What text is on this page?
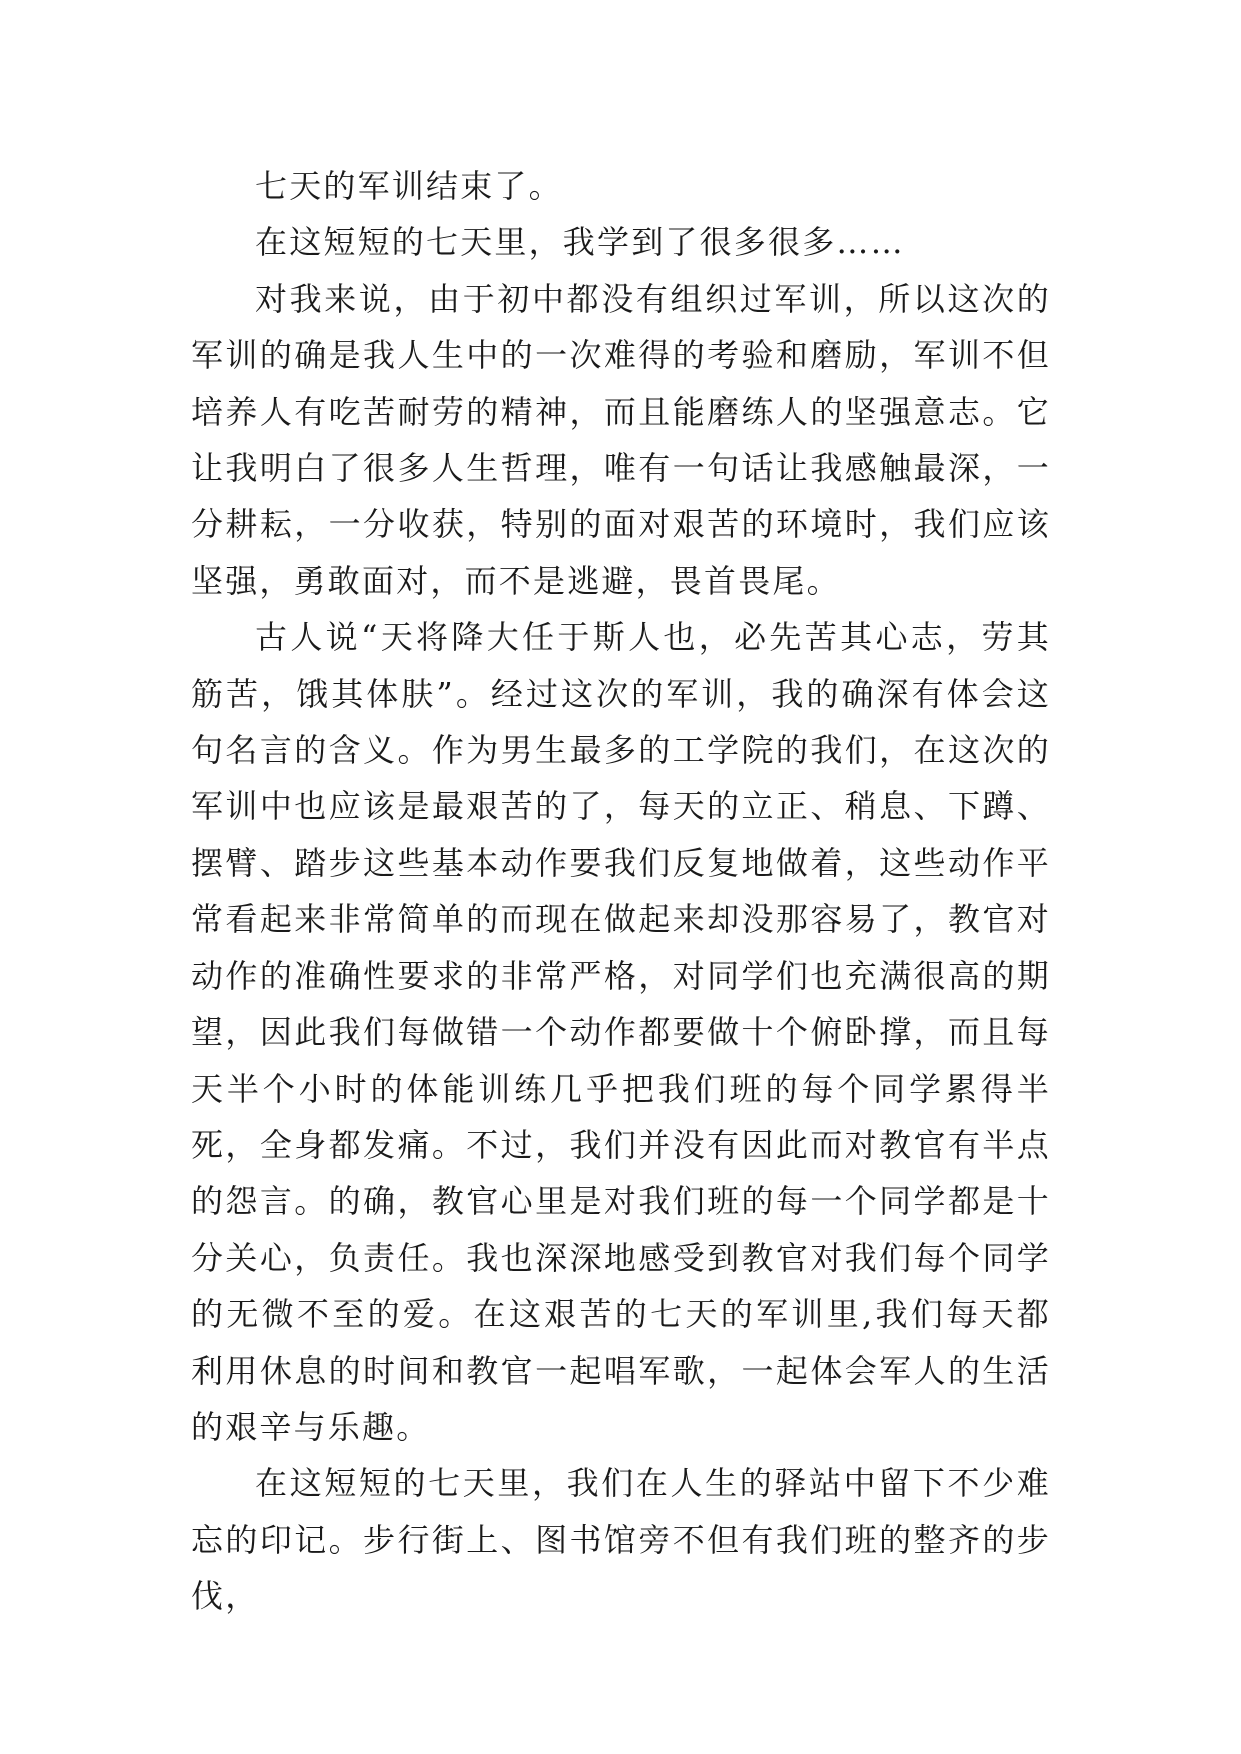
七天的军训结束了。

在这短短的七天里，我学到了很多很多……

对我来说，由于初中都没有组织过军训，所以这次的军训的确是我人生中的一次难得的考验和磨励，军训不但培养人有吃苦耐劳的精神，而且能磨练人的坚强意志。它让我明白了很多人生哲理，唯有一句话让我感触最深，一分耕耘，一分收获，特别的面对艰苦的环境时，我们应该坚强，勇敢面对，而不是逃避，畏首畏尾。

古人说“天将降大任于斯人也，必先苦其心志，劳其筋苦，饿其体肤”。经过这次的军训，我的确深有体会这句名言的含义。作为男生最多的工学院的我们，在这次的军训中也应该是最艰苦的了，每天的立正、稍息、下蹲、摆臂、踏步这些基本动作要我们反复地做着，这些动作平常看起来非常简单的而现在做起来却没那容易了，教官对动作的准确性要求的非常严格，对同学们也充满很高的期望，因此我们每做错一个动作都要做十个俯卧撑，而且每天半个小时的体能训练几乎把我们班的每个同学累得半死，全身都发痛。不过，我们并没有因此而对教官有半点的怨言。的确，教官心里是对我们班的每一个同学都是十分关心，负责任。我也深深地感受到教官对我们每个同学的无微不至的爱。在这艰苦的七天的军训里,我们每天都利用休息的时间和教官一起唱军歌，一起体会军人的生活的艰辛与乐趣。

在这短短的七天里，我们在人生的驿站中留下不少难忘的印记。步行街上、图书馆旁不但有我们班的整齐的步伐，
